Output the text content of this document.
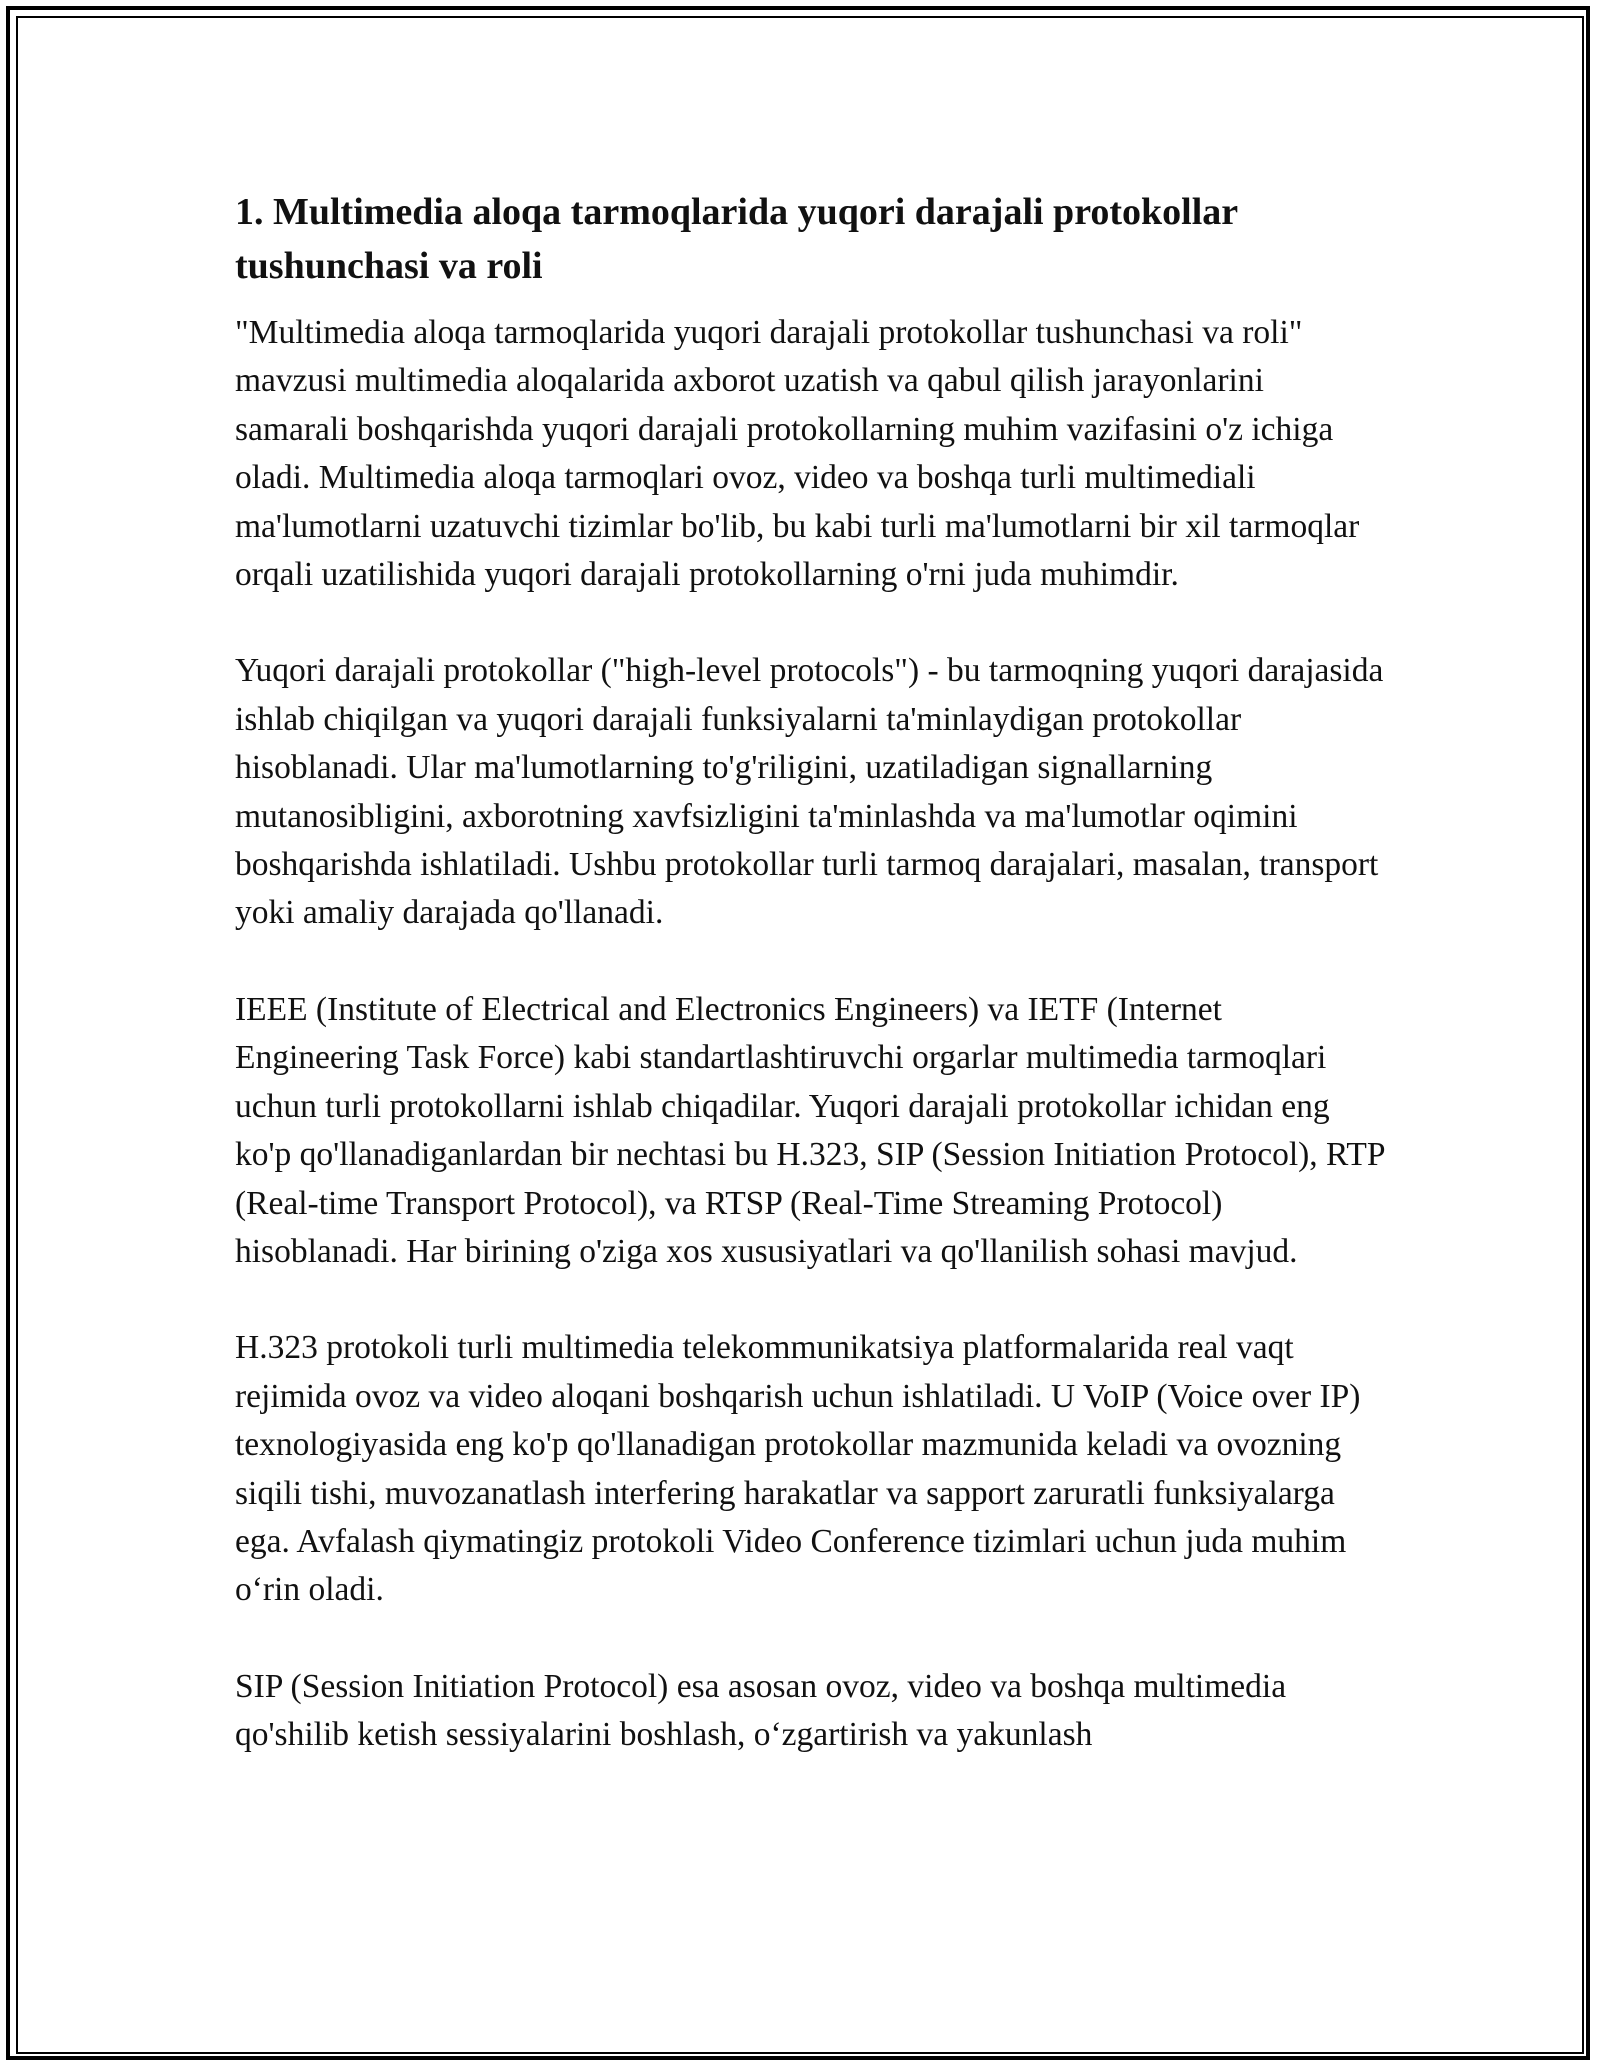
1. Multimedia aloqa tarmoqlarida yuqori darajali protokollar tushunchasi va roli

"Multimedia aloqa tarmoqlarida yuqori darajali protokollar tushunchasi va roli" mavzusi multimedia aloqalarida axborot uzatish va qabul qilish jarayonlarini samarali boshqarishda yuqori darajali protokollarning muhim vazifasini o'z ichiga oladi. Multimedia aloqa tarmoqlari ovoz, video va boshqa turli multimediali ma'lumotlarni uzatuvchi tizimlar bo'lib, bu kabi turli ma'lumotlarni bir xil tarmoqlar orqali uzatilishida yuqori darajali protokollarning o'rni juda muhimdir.

Yuqori darajali protokollar ("high-level protocols") - bu tarmoqning yuqori darajasida ishlab chiqilgan va yuqori darajali funksiyalarni ta'minlaydigan protokollar hisoblanadi. Ular ma'lumotlarning to'g'riligini, uzatiladigan signallarning mutanosibligini, axborotning xavfsizligini ta'minlashda va ma'lumotlar oqimini boshqarishda ishlatiladi. Ushbu protokollar turli tarmoq darajalari, masalan, transport yoki amaliy darajada qo'llanadi.

IEEE (Institute of Electrical and Electronics Engineers) va IETF (Internet Engineering Task Force) kabi standartlashtiruvchi orgarlar multimedia tarmoqlari uchun turli protokollarni ishlab chiqadilar. Yuqori darajali protokollar ichidan eng ko'p qo'llanadiganlardan bir nechtasi bu H.323, SIP (Session Initiation Protocol), RTP (Real-time Transport Protocol), va RTSP (Real-Time Streaming Protocol) hisoblanadi. Har birining o'ziga xos xususiyatlari va qo'llanilish sohasi mavjud.

H.323 protokoli turli multimedia telekommunikatsiya platformalarida real vaqt rejimida ovoz va video aloqani boshqarish uchun ishlatiladi. U VoIP (Voice over IP) texnologiyasida eng ko'p qo'llanadigan protokollar mazmunida keladi va ovozning siqili tishi, muvozanatlash interfering harakatlar va sapport zaruratli funksiyalarga ega. Avfalash qiymatingiz protokoli Video Conference tizimlari uchun juda muhim o‘rin oladi.

SIP (Session Initiation Protocol) esa asosan ovoz, video va boshqa multimedia qo'shilib ketish sessiyalarini boshlash, o‘zgartirish va yakunlash
